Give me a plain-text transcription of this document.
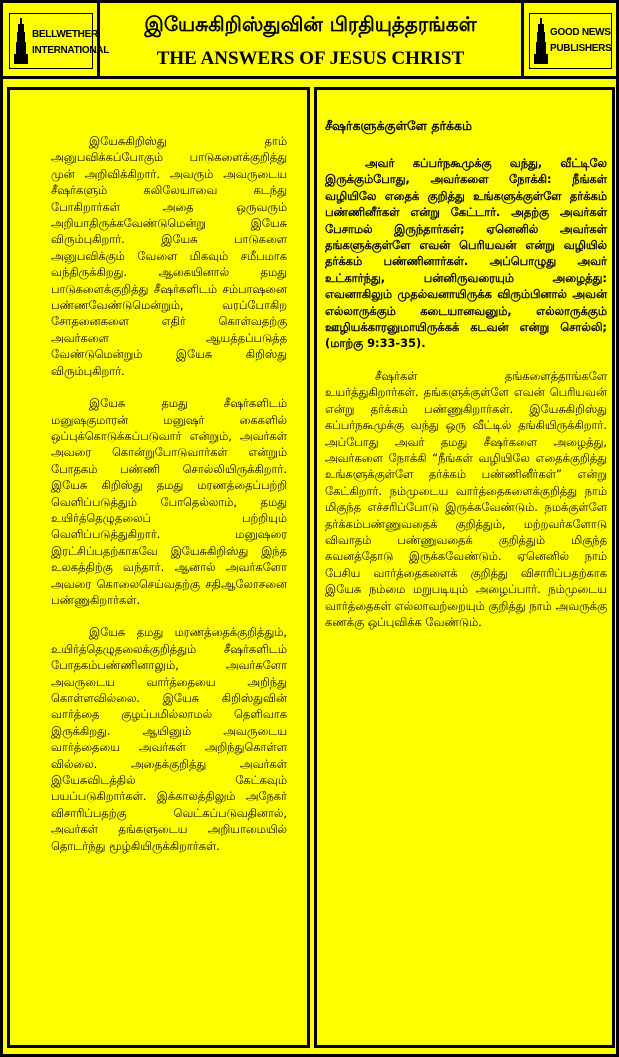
BELLWETHER
INTERNATIONAL
இயேசுகிறிஸ்துவின் பிரதியுத்தரங்கள்
THE ANSWERS OF JESUS CHRIST
GOOD NEWS
PUBLISHERS

இயேசுகிறிஸ்து தாம் அனுபவிக்கப்போகும் பாடுகளைக்குறித்து முன் அறிவிக்கிறார். அவரும் அவருடைய சீஷர்களும் கலிலேயாவை கடந்து போகிறார்கள் அதை ஒருவரும் அறியாதிருக்கவேண்டுமென்று இயேசு விரும்புகிறார். இயேசு பாடுகளை அனுபவிக்கும் வேளை மிகவும் சமீபமாக வந்திருக்கிறது. ஆகையினால் தமது பாடுகளைக்குறித்து சீஷர்களிடம் சம்பாஷனை பண்ணவேண்டுமென்றும், வரப்போகிற சோதனைகளை எதிர் கொள்வதற்கு அவர்களை ஆயத்தப்படுத்த வேண்டுமென்றும் இயேசு கிறிஸ்து விரும்புகிறார்.

இயேசு தமது சீஷர்களிடம் மனுஷகுமாரன் மனுஷர் கைகளில் ஒப்புக்கொடுக்கப்படுவார் என்றும், அவர்கள் அவரை கொன்றுபோடுவார்கள் என்றும் போதகம் பண்ணி சொல்லியிருக்கிறார். இயேசு கிறிஸ்து தமது மரணத்தைப்பற்றி வெளிப்படுத்தும் போதெல்லாம், தமது உயிர்த்தெழுதலைப் பற்றியும் வெளிப்படுத்துகிறார். மனுஷரை இரட்சிப்பதற்காகவே இயேசுகிறிஸ்து இந்த உலகத்திற்கு வந்தார். ஆனால் அவர்களோ அவரை கொலைசெய்வதற்கு சதிஆலோசனை பண்ணுகிறார்கள்.

இயேசு தமது மரணத்தைக்குறித்தும், உயிர்த்தெழுதலைக்குறித்தும் சீஷர்களிடம் போதகம்பண்ணினாலும், அவர்களோ அவருடைய வார்த்தையை அறிந்து கொள்ளவில்லை. இயேசு கிறிஸ்துவின் வார்த்தை குழப்பமில்லாமல் தெளிவாக இருக்கிறது. ஆயினும் அவருடைய வார்த்தையை அவர்கள் அறிந்துகொள்ள வில்லை. அதைக்குறித்து அவர்கள் இயேசுவிடத்தில் கேட்கவும் பயப்படுகிறார்கள். இக்காலத்திலும் அநேகர் விசாரிப்பதற்கு வெட்கப்படுவதினால், அவர்கள் தங்களுடைய அறியாமையில் தொடர்ந்து மூழ்கியிருக்கிறார்கள்.

சீஷர்களுக்குள்ளே தர்க்கம்

அவர் கப்பர்நகூமுக்கு வந்து, வீட்டிலே இருக்கும்போது, அவர்களை நோக்கி: நீங்கள் வழியிலே எதைக் குறித்து உங்களுக்குள்ளே தர்க்கம் பண்ணினீர்கள் என்று கேட்டார். அதற்கு அவர்கள் பேசாமல் இருந்தார்கள்; ஏனெனில் அவர்கள் தங்களுக்குள்ளே எவன் பெரியவன் என்று வழியில் தர்க்கம் பண்ணினார்கள். அப்பொழுது அவர் உட்கார்ந்து, பன்னிருவரையும் அழைத்து: எவனாகிலும் முதல்வனாயிருக்க விரும்பினால் அவன் எல்லாருக்கும் கடையானவனும், எல்லாருக்கும் ஊழியக்காரனுமாயிருக்கக் கடவன் என்று சொல்லி; (மாற்கு 9:33-35).

சீஷர்கள் தங்களைத்தாங்களே உயர்த்துகிறார்கள். தங்களுக்குள்ளே எவன் பெரியவன் என்று தர்க்கம் பண்ணுகிறார்கள். இயேசுகிறிஸ்து கப்பர்நகூமுக்கு வந்து ஒரு வீட்டில் தங்கியிருக்கிறார். அப்போது அவர் தமது சீஷர்களை அழைத்து, அவர்களை நோக்கி “நீங்கள் வழியிலே எதைக்குறித்து உங்களுக்குள்ளே தர்க்கம் பண்ணினீர்கள்” என்று கேட்கிறார். நம்முடைய வார்த்தைகளைக்குறித்து நாம் மிகுந்த எச்சரிப்போடு இருக்கவேண்டும். நமக்குள்ளே தர்க்கம்பண்ணுவதைக் குறித்தும், மற்றவர்களோடு விவாதம் பண்ணுவதைக் குறித்தும் மிகுந்த கவனத்தோடு இருக்கவேண்டும். ஏனெனில் நாம் பேசிய வார்த்தைகளைக் குறித்து விசாரிப்பதற்காக இயேசு நம்மை மறுபடியும் அழைப்பார். நம்முடைய வார்த்தைகள் எல்லாவற்றையும் குறித்து நாம் அவருக்கு கணக்கு ஒப்புவிக்க வேண்டும்.
